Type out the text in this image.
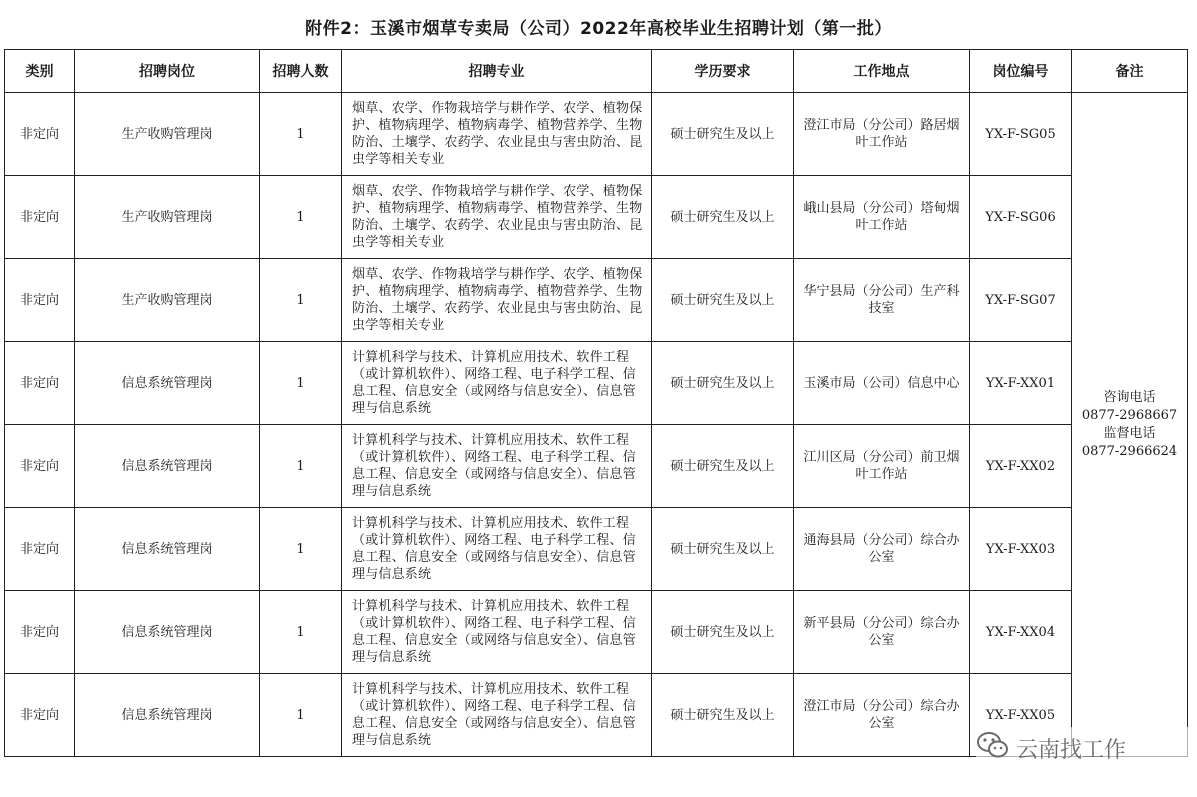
附件2：玉溪市烟草专卖局（公司）2022年高校毕业生招聘计划（第一批）
类别	招聘岗位	招聘人数	招聘专业	学历要求	工作地点	岗位编号	备注
非定向	生产收购管理岗	1	烟草、农学、作物栽培学与耕作学、农学、植物保护、植物病理学、植物病毒学、植物营养学、生物防治、土壤学、农药学、农业昆虫与害虫防治、昆虫学等相关专业	硕士研究生及以上	澄江市局（分公司）路居烟叶工作站	YX-F-SG05	咨询电话
0877-2968667
监督电话
0877-2966624

非定向	生产收购管理岗	1	烟草、农学、作物栽培学与耕作学、农学、植物保护、植物病理学、植物病毒学、植物营养学、生物防治、土壤学、农药学、农业昆虫与害虫防治、昆虫学等相关专业	硕士研究生及以上	峨山县局（分公司）塔甸烟叶工作站	YX-F-SG06	
非定向	生产收购管理岗	1	烟草、农学、作物栽培学与耕作学、农学、植物保护、植物病理学、植物病毒学、植物营养学、生物防治、土壤学、农药学、农业昆虫与害虫防治、昆虫学等相关专业	硕士研究生及以上	华宁县局（分公司）生产科技室	YX-F-SG07	
非定向	信息系统管理岗	1	计算机科学与技术、计算机应用技术、软件工程（或计算机软件）、网络工程、电子科学工程、信息工程、信息安全（或网络与信息安全）、信息管理与信息系统	硕士研究生及以上	玉溪市局（公司）信息中心	YX-F-XX01	
非定向	信息系统管理岗	1	计算机科学与技术、计算机应用技术、软件工程（或计算机软件）、网络工程、电子科学工程、信息工程、信息安全（或网络与信息安全）、信息管理与信息系统	硕士研究生及以上	江川区局（分公司）前卫烟叶工作站	YX-F-XX02	
非定向	信息系统管理岗	1	计算机科学与技术、计算机应用技术、软件工程（或计算机软件）、网络工程、电子科学工程、信息工程、信息安全（或网络与信息安全）、信息管理与信息系统	硕士研究生及以上	通海县局（分公司）综合办公室	YX-F-XX03	
非定向	信息系统管理岗	1	计算机科学与技术、计算机应用技术、软件工程（或计算机软件）、网络工程、电子科学工程、信息工程、信息安全（或网络与信息安全）、信息管理与信息系统	硕士研究生及以上	新平县局（分公司）综合办公室	YX-F-XX04	
非定向	信息系统管理岗	1	计算机科学与技术、计算机应用技术、软件工程（或计算机软件）、网络工程、电子科学工程、信息工程、信息安全（或网络与信息安全）、信息管理与信息系统	硕士研究生及以上	澄江市局（分公司）综合办公室	YX-F-XX05	
云南找工作
